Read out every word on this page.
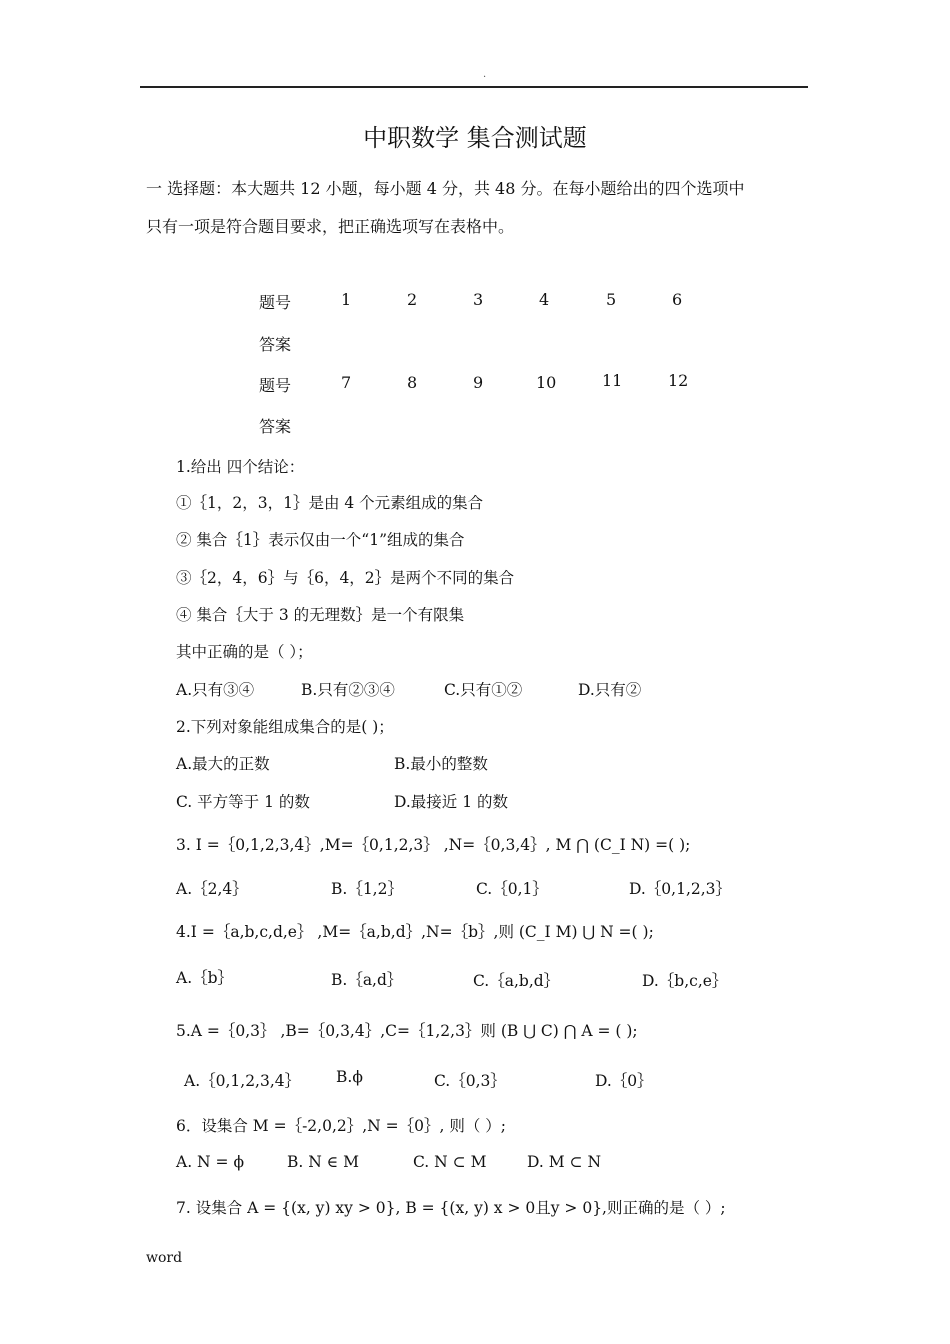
·
中职数学 集合测试题
一 选择题：本大题共 12 小题，每小题 4 分，共 48 分。在每小题给出的四个选项中
只有一项是符合题目要求，把正确选项写在表格中。
题号	1	2	3	4	5	6
答案
题号	7	8	9	10	11	12
答案
1.给出 四个结论：
①｛1，2，3，1｝是由 4 个元素组成的集合
② 集合｛1｝表示仅由一个“1”组成的集合
③｛2，4，6｝与｛6，4，2｝是两个不同的集合
④ 集合｛大于 3 的无理数｝是一个有限集
其中正确的是（ ）；
A.只有③④	B.只有②③④	C.只有①②	D.只有②
2.下列对象能组成集合的是( )；
A.最大的正数	B.最小的整数
C. 平方等于 1 的数	D.最接近 1 的数
3. I =｛0,1,2,3,4｝,M=｛0,1,2,3｝ ,N=｛0,3,4｝, M ⋂ (C_I N) =( );
A.｛2,4｝	B.｛1,2｝	C.｛0,1｝	D.｛0,1,2,3｝
4.I =｛a,b,c,d,e｝ ,M=｛a,b,d｝,N=｛b｝,则 (C_I M) ⋃ N =( );
A.｛b｝	B.｛a,d｝	C.｛a,b,d｝	D.｛b,c,e｝
5.A =｛0,3｝ ,B=｛0,3,4｝,C=｛1,2,3｝则 (B ⋃ C) ⋂ A = ( );
A.｛0,1,2,3,4｝ B.ϕ	C.｛0,3｝	D.｛0｝
6．设集合 M =｛-2,0,2｝,N =｛0｝, 则（ ）;
A. N = ϕ	B. N ∈ M	C. N ⊂ M	D. M ⊂ N
7. 设集合 A = {(x, y) xy > 0}, B = {(x, y) x > 0且y > 0},则正确的是（ ）;
word
